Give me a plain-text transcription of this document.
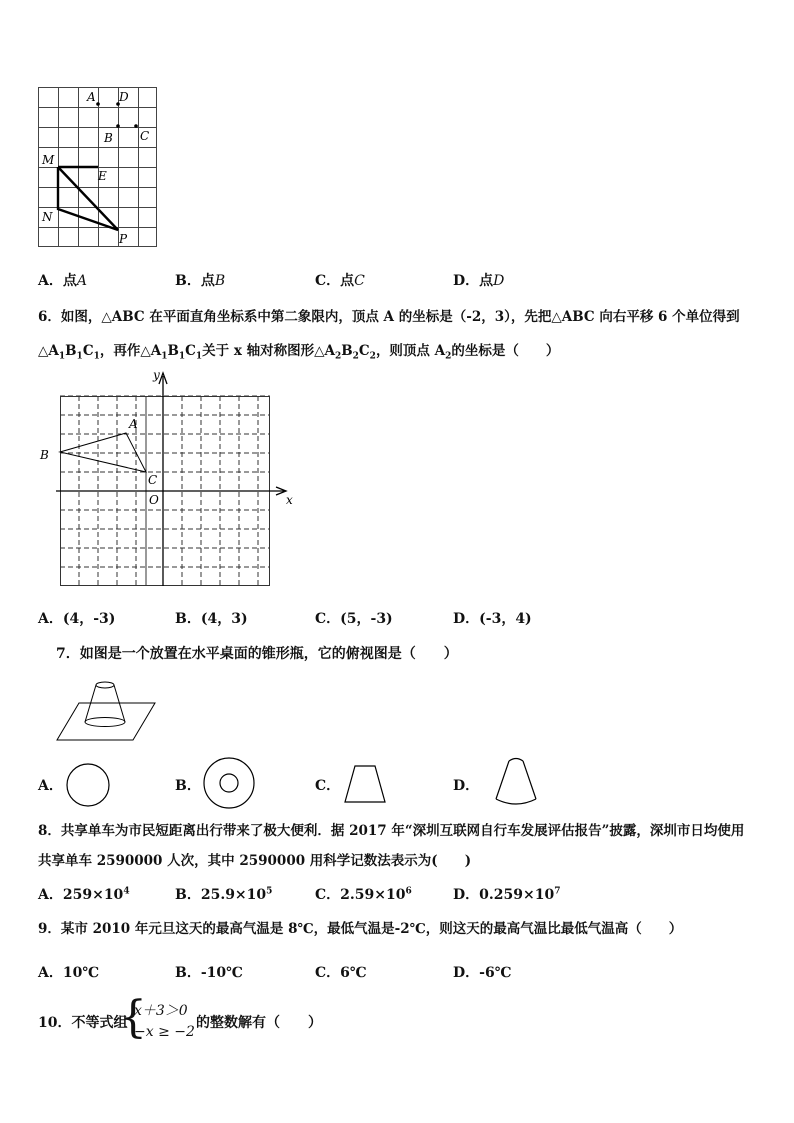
A D
B C
M
E
N
P
A．点A	B．点B	C．点C	D．点D
6．如图，△ABC 在平面直角坐标系中第二象限内，顶点 A 的坐标是（-2，3），先把△ABC 向右平移 6 个单位得到
$\triangle A_1B_1C_1$，再作$\triangle A_1B_1C_1$关于 x 轴对称图形$\triangle A_2B_2C_2$，则顶点 $A_2$的坐标是（　　）
y
x
A
B
C
O
A．(4，-3)	B．(4，3)	C．(5，-3)	D．(-3，4)
7．如图是一个放置在水平桌面的锥形瓶，它的俯视图是（　　）
A．	B．	C．	D．
8．共享单车为市民短距离出行带来了极大便利．据 2017 年“深圳互联网自行车发展评估报告”披露，深圳市日均使用
共享单车 2590000 人次，其中 2590000 用科学记数法表示为(　　)
A．$259\times 10^4$	B．$25.9\times 10^5$	C．$2.59\times 10^6$	D．$0.259\times 10^7$
9．某市 2010 年元旦这天的最高气温是 8℃，最低气温是-2℃，则这天的最高气温比最低气温高（　　）
A．10℃	B．-10℃	C．6℃	D．-6℃
10．不等式组
{
x＋3＞0
−x ≥ −2
的整数解有（　　）
